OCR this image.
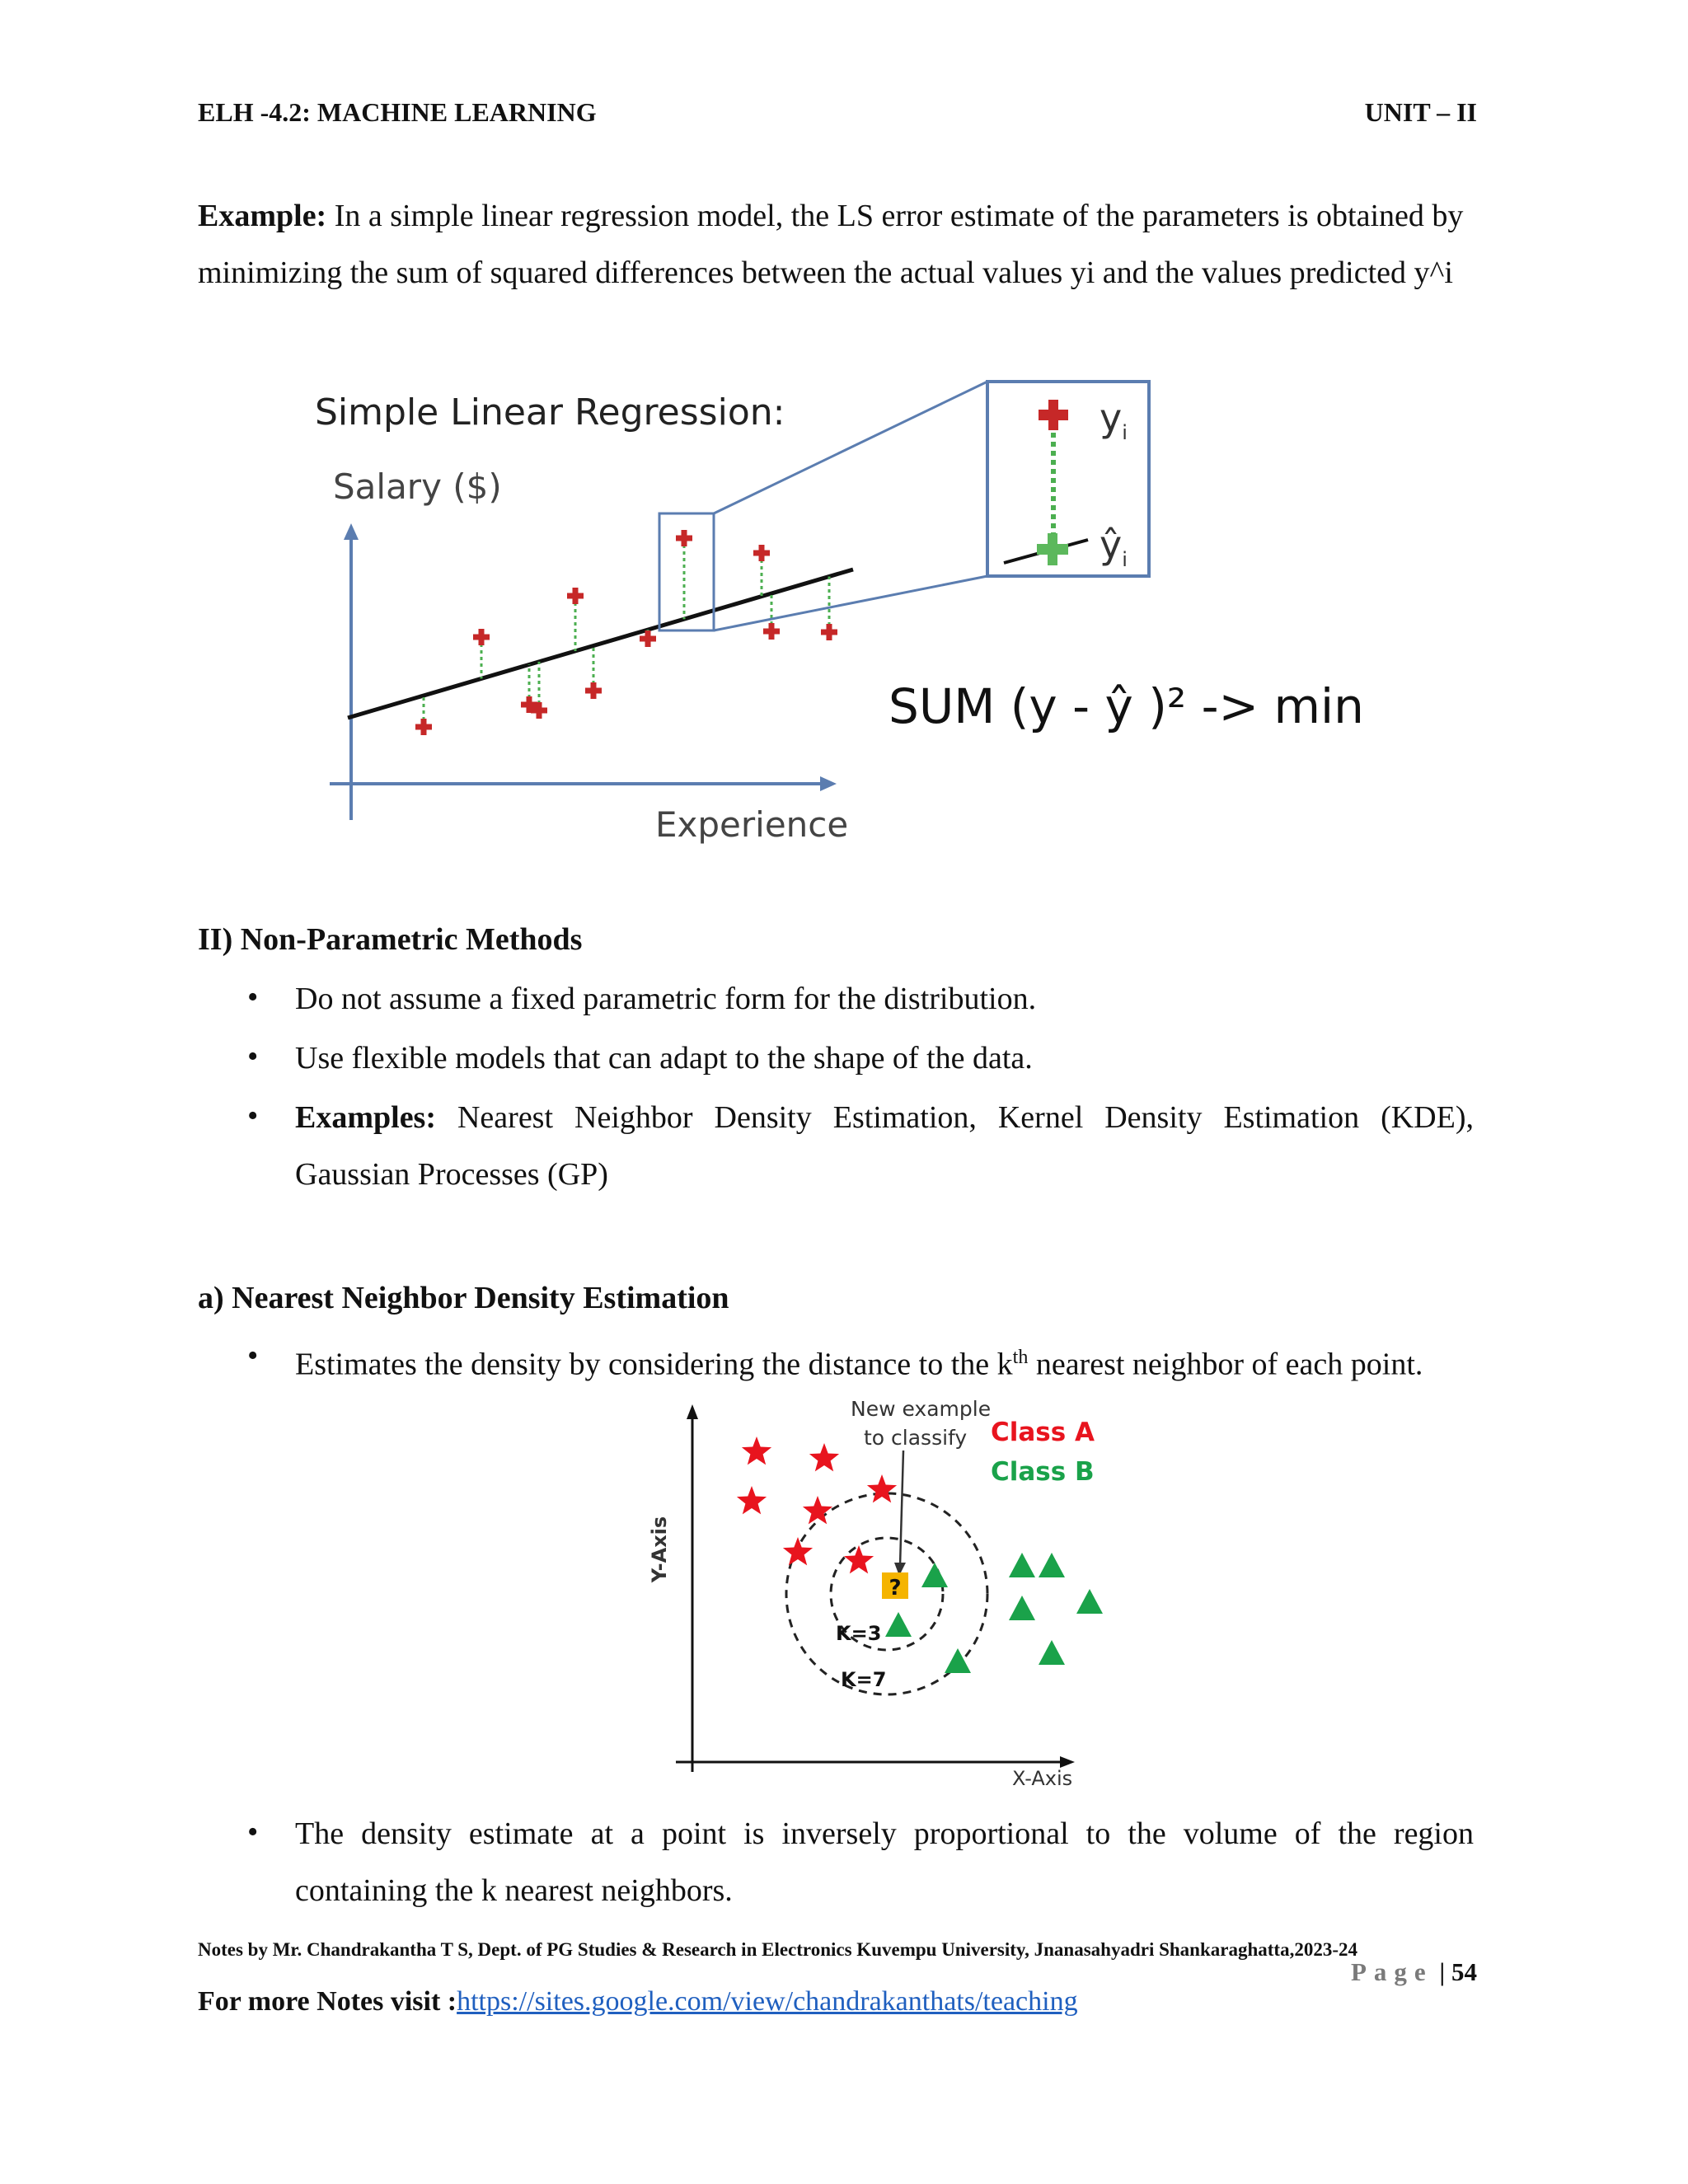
ELH -4.2: MACHINE LEARNING	UNIT – II
Example: In a simple linear regression model, the LS error estimate of the parameters is obtained by minimizing the sum of squared differences between the actual values yi and the values predicted y^i
Simple Linear Regression:
Salary ($)
Experience
$y_i$
$ŷ_i$
SUM (y - ŷ )² -> min
II) Non-Parametric Methods
• Do not assume a fixed parametric form for the distribution.
• Use flexible models that can adapt to the shape of the data.
• Examples: Nearest Neighbor Density Estimation, Kernel Density Estimation (KDE), Gaussian Processes (GP)
a) Nearest Neighbor Density Estimation
• Estimates the density by considering the distance to the $k^{th}$ nearest neighbor of each point.
New example
to classify Class A
Class B
X-Axis
Y-Axis
?
K=3
K=7
• The density estimate at a point is inversely proportional to the volume of the region containing the k nearest neighbors.
Notes by Mr. Chandrakantha T S, Dept. of PG Studies & Research in Electronics Kuvempu University, Jnanasahyadri Shankaraghatta,2023-24
Page | 54
For more Notes visit :https://sites.google.com/view/chandrakanthats/teaching
